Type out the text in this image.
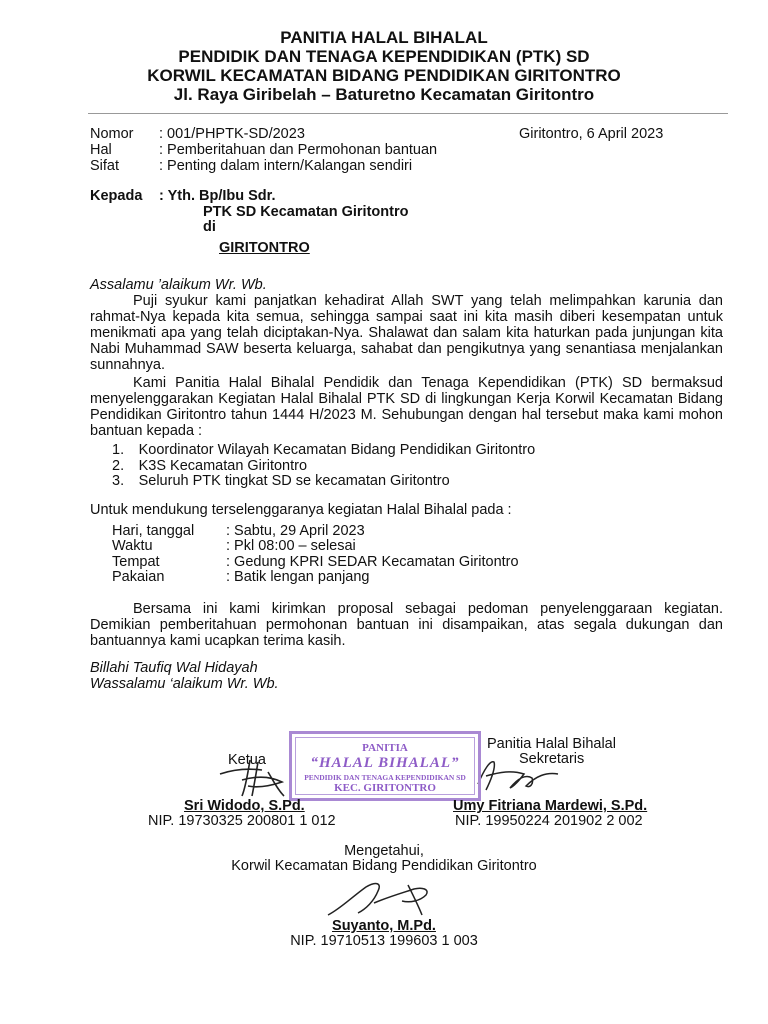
PANITIA HALAL BIHALAL
PENDIDIK DAN TENAGA KEPENDIDIKAN (PTK) SD
KORWIL KECAMATAN BIDANG PENDIDIKAN GIRITONTRO
Jl. Raya Giribelah – Baturetno Kecamatan Giritontro
Nomor : 001/PHPTK-SD/2023
Hal	: Pemberitahuan dan Permohonan bantuan
Sifat	: Penting dalam intern/Kalangan sendiri
Giritontro, 6 April 2023
Kepada : Yth. Bp/Ibu Sdr.
PTK SD Kecamatan Giritontro
di
GIRITONTRO
Assalamu ’alaikum Wr. Wb.
Puji syukur kami panjatkan kehadirat Allah SWT yang telah melimpahkan karunia dan rahmat-Nya kepada kita semua, sehingga sampai saat ini kita masih diberi kesempatan untuk menikmati apa yang telah diciptakan-Nya. Shalawat dan salam kita haturkan pada junjungan kita Nabi Muhammad SAW beserta keluarga, sahabat dan pengikutnya yang senantiasa menjalankan sunnahnya.
Kami Panitia Halal Bihalal Pendidik dan Tenaga Kependidikan (PTK) SD bermaksud menyelenggarakan Kegiatan Halal Bihalal PTK SD di lingkungan Kerja Korwil Kecamatan Bidang Pendidikan Giritontro tahun 1444 H/2023 M. Sehubungan dengan hal tersebut maka kami mohon bantuan kepada :
1. Koordinator Wilayah Kecamatan Bidang Pendidikan Giritontro
2. K3S Kecamatan Giritontro
3. Seluruh PTK tingkat SD se kecamatan Giritontro
Untuk mendukung terselenggaranya kegiatan Halal Bihalal pada :
Hari, tanggal : Sabtu, 29 April 2023
Waktu	: Pkl 08:00 – selesai
Tempat	: Gedung KPRI SEDAR Kecamatan Giritontro
Pakaian	: Batik lengan panjang
Bersama ini kami kirimkan proposal sebagai pedoman penyelenggaraan kegiatan. Demikian pemberitahuan permohonan bantuan ini disampaikan, atas segala dukungan dan bantuannya kami ucapkan terima kasih.
Billahi Taufiq Wal Hidayah
Wassalamu ‘alaikum Wr. Wb.
Panitia Halal Bihalal
Sekretaris
Ketua
PANITIA
“HALAL BIHALAL”
PENDIDIK DAN TENAGA KEPENDIDIKAN SD
KEC. GIRITONTRO
Sri Widodo, S.Pd.
NIP. 19730325 200801 1 012
Umy Fitriana Mardewi, S.Pd.
NIP. 19950224 201902 2 002
Mengetahui,
Korwil Kecamatan Bidang Pendidikan Giritontro
Suyanto, M.Pd.
NIP. 19710513 199603 1 003
